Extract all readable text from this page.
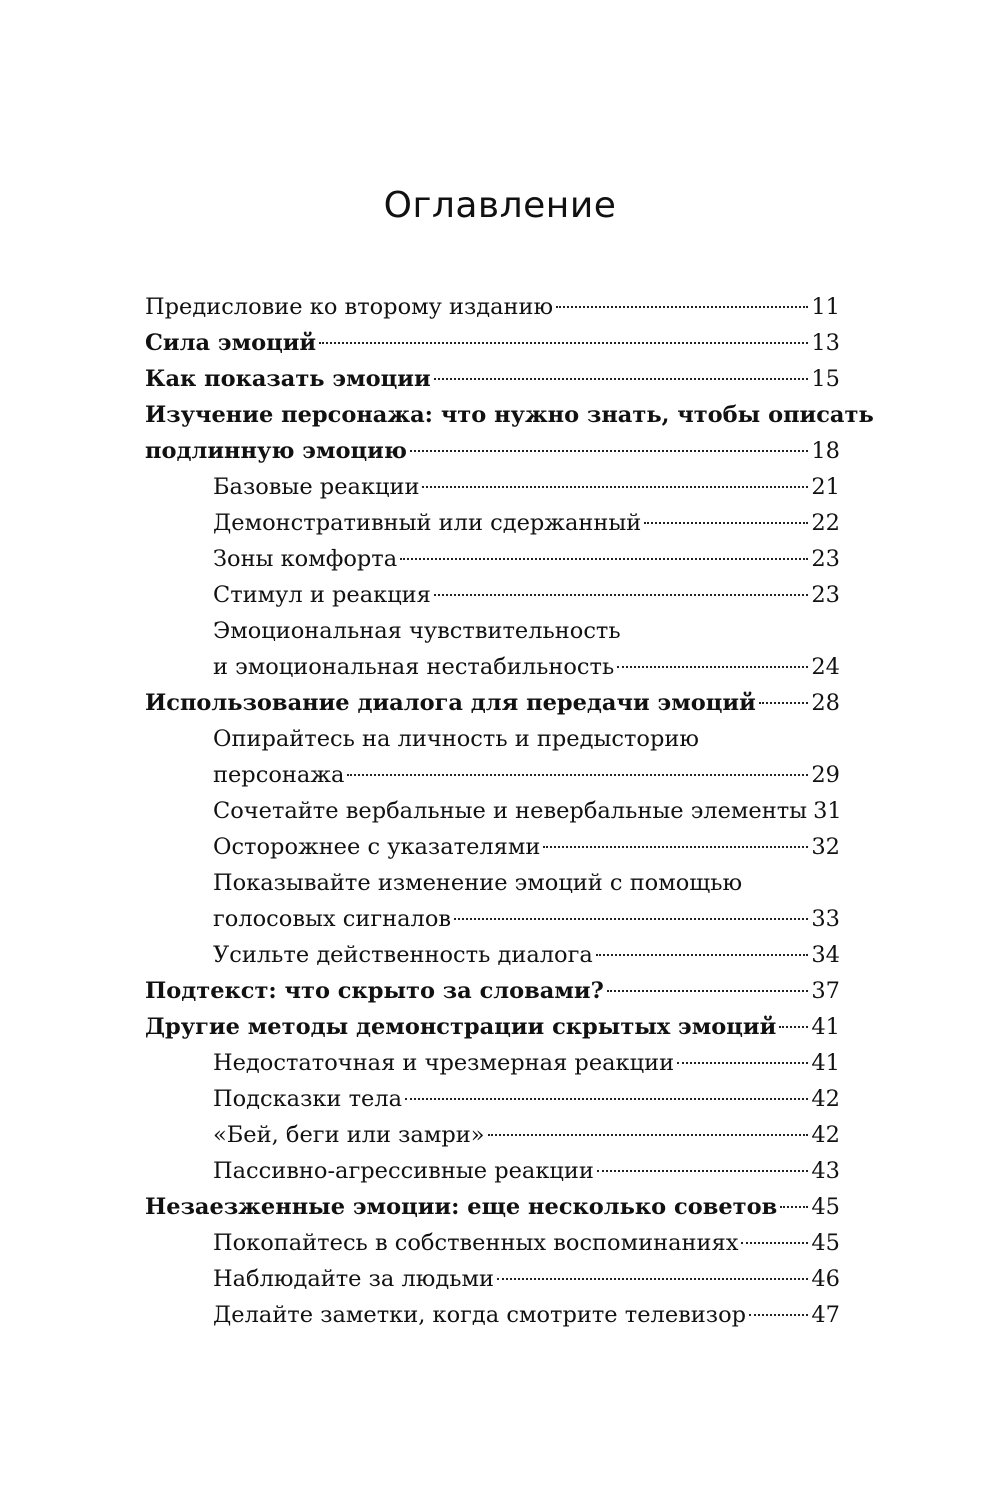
Оглавление
Предисловие ко второму изданию	11
Сила эмоций	13
Как показать эмоции	15
Изучение персонажа: что нужно знать, чтобы описать
подлинную эмоцию	18
Базовые реакции	21
Демонстративный или сдержанный	22
Зоны комфорта	23
Стимул и реакция	23
Эмоциональная чувствительность
и эмоциональная нестабильность	24
Использование диалога для передачи эмоций 28
Опирайтесь на личность и предысторию
персонажа	29
Сочетайте вербальные и невербальные элементы 31
Осторожнее с указателями	32
Показывайте изменение эмоций с помощью
голосовых сигналов	33
Усильте действенность диалога	34
Подтекст: что скрыто за словами?	37
Другие методы демонстрации скрытых эмоций 41
Недостаточная и чрезмерная реакции	41
Подсказки тела	42
«Бей, беги или замри»	42
Пассивно-агрессивные реакции	43
Незаезженные эмоции: еще несколько советов 45
Покопайтесь в собственных воспоминаниях	45
Наблюдайте за людьми	46
Делайте заметки, когда смотрите телевизор	47
